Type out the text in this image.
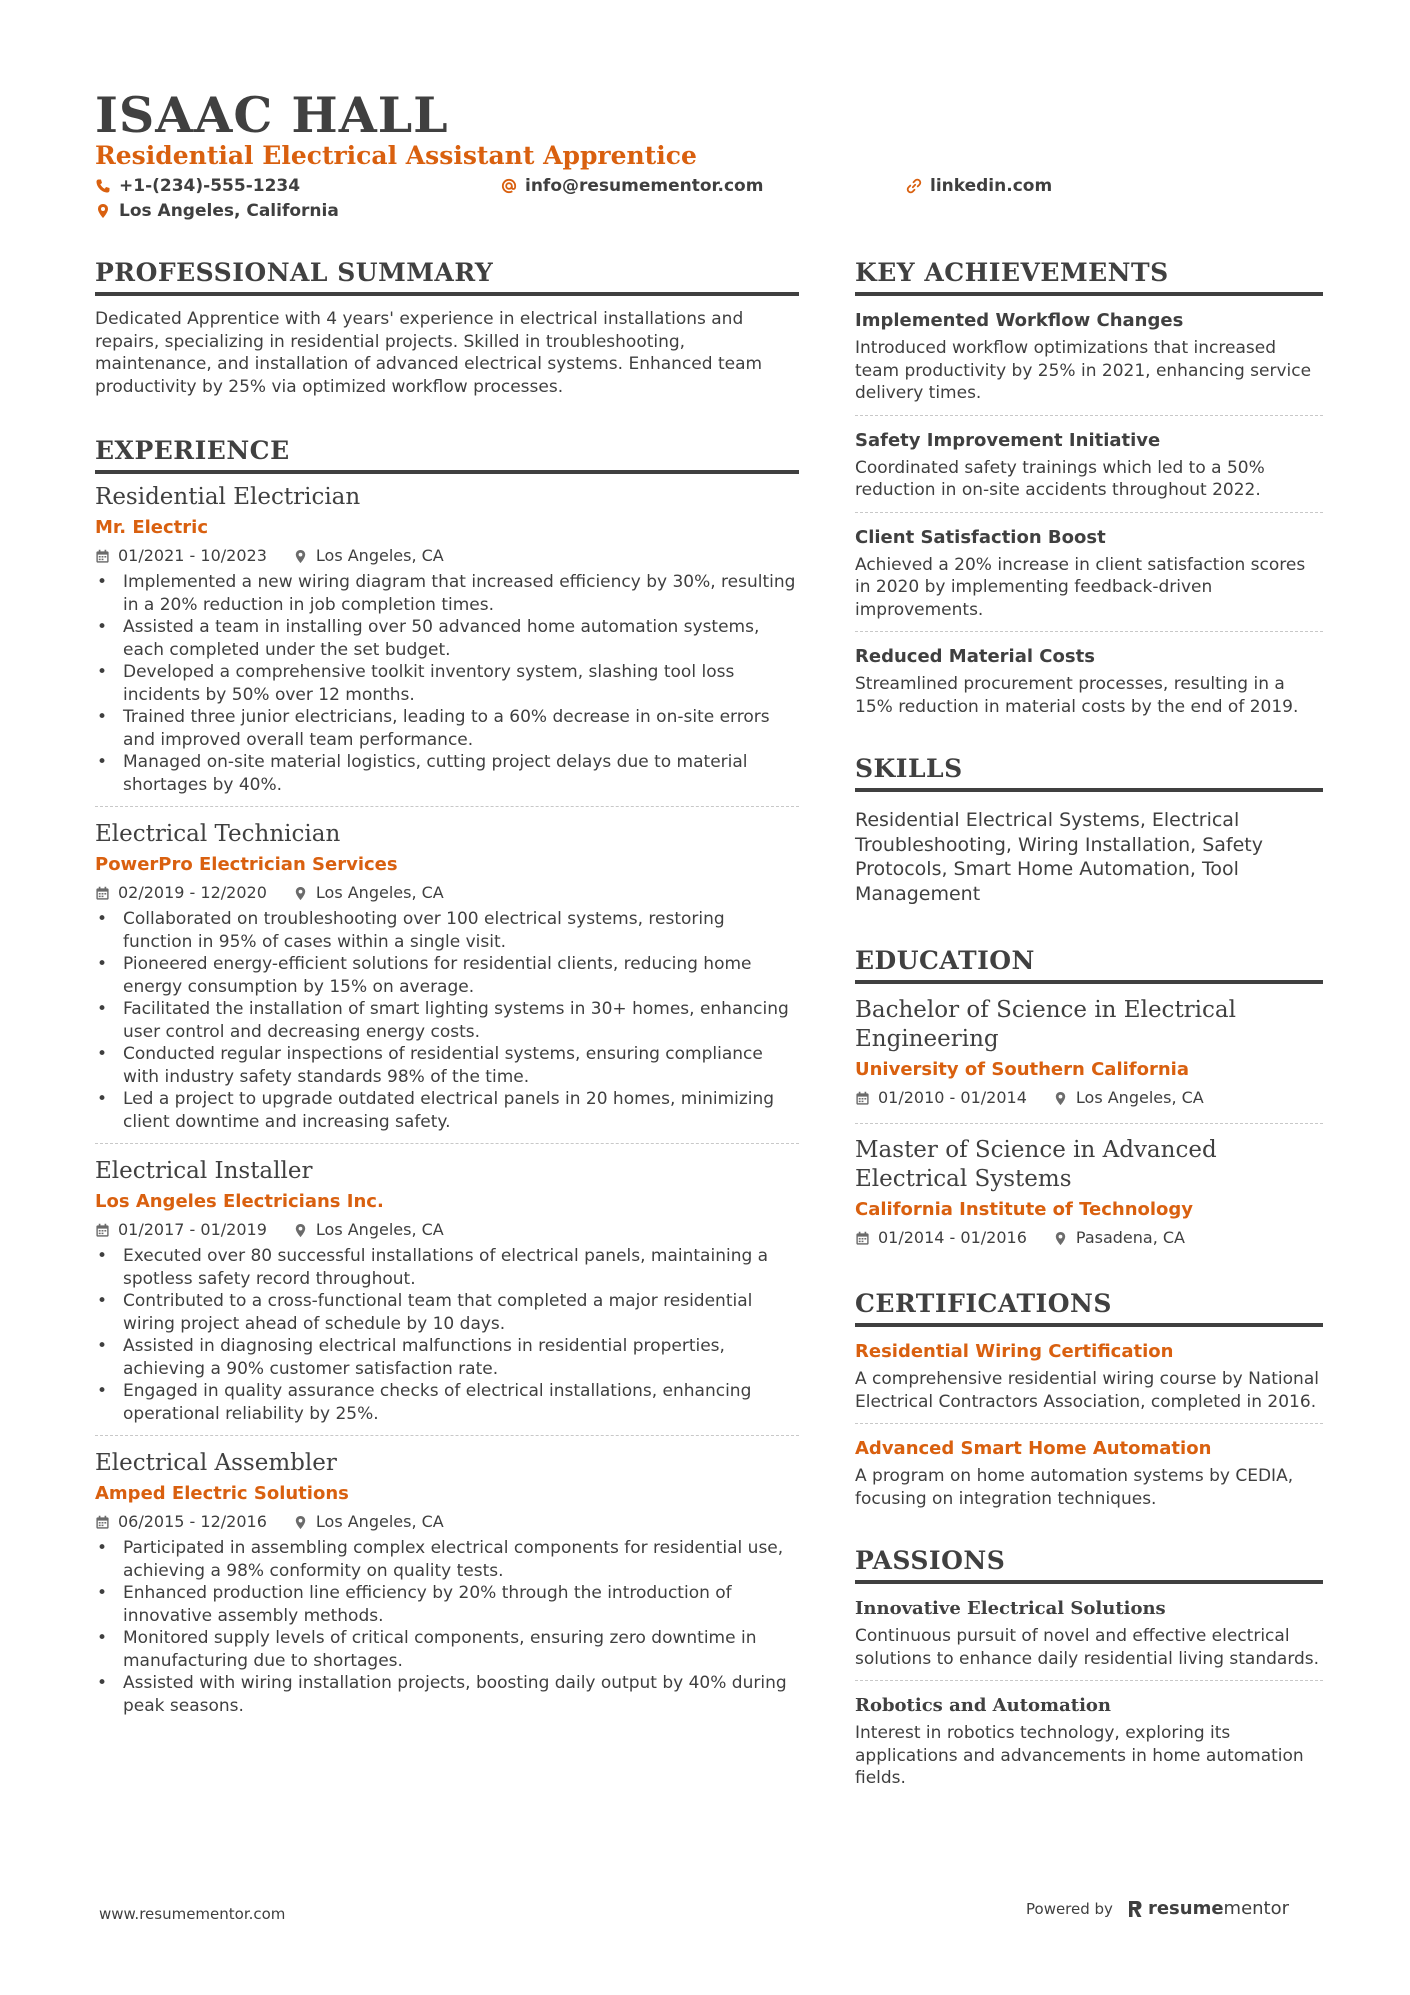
ISAAC HALL
Residential Electrical Assistant Apprentice
+1-(234)-555-1234	info@resumementor.com	linkedin.com
Los Angeles, California
PROFESSIONAL SUMMARY
Dedicated Apprentice with 4 years' experience in electrical installations and repairs, specializing in residential projects. Skilled in troubleshooting, maintenance, and installation of advanced electrical systems. Enhanced team productivity by 25% via optimized workflow processes.
EXPERIENCE
Residential Electrician
Mr. Electric
01/2021 - 10/2023	Los Angeles, CA
• Implemented a new wiring diagram that increased efficiency by 30%, resulting in a 20% reduction in job completion times.
• Assisted a team in installing over 50 advanced home automation systems, each completed under the set budget.
• Developed a comprehensive toolkit inventory system, slashing tool loss incidents by 50% over 12 months.
• Trained three junior electricians, leading to a 60% decrease in on-site errors and improved overall team performance.
• Managed on-site material logistics, cutting project delays due to material shortages by 40%.
Electrical Technician
PowerPro Electrician Services
02/2019 - 12/2020	Los Angeles, CA
• Collaborated on troubleshooting over 100 electrical systems, restoring function in 95% of cases within a single visit.
• Pioneered energy-efficient solutions for residential clients, reducing home energy consumption by 15% on average.
• Facilitated the installation of smart lighting systems in 30+ homes, enhancing user control and decreasing energy costs.
• Conducted regular inspections of residential systems, ensuring compliance with industry safety standards 98% of the time.
• Led a project to upgrade outdated electrical panels in 20 homes, minimizing client downtime and increasing safety.
Electrical Installer
Los Angeles Electricians Inc.
01/2017 - 01/2019	Los Angeles, CA
• Executed over 80 successful installations of electrical panels, maintaining a spotless safety record throughout.
• Contributed to a cross-functional team that completed a major residential wiring project ahead of schedule by 10 days.
• Assisted in diagnosing electrical malfunctions in residential properties, achieving a 90% customer satisfaction rate.
• Engaged in quality assurance checks of electrical installations, enhancing operational reliability by 25%.
Electrical Assembler
Amped Electric Solutions
06/2015 - 12/2016	Los Angeles, CA
• Participated in assembling complex electrical components for residential use, achieving a 98% conformity on quality tests.
• Enhanced production line efficiency by 20% through the introduction of innovative assembly methods.
• Monitored supply levels of critical components, ensuring zero downtime in manufacturing due to shortages.
• Assisted with wiring installation projects, boosting daily output by 40% during peak seasons.
KEY ACHIEVEMENTS
Implemented Workflow Changes
Introduced workflow optimizations that increased team productivity by 25% in 2021, enhancing service delivery times.
Safety Improvement Initiative
Coordinated safety trainings which led to a 50% reduction in on-site accidents throughout 2022.
Client Satisfaction Boost
Achieved a 20% increase in client satisfaction scores in 2020 by implementing feedback-driven improvements.
Reduced Material Costs
Streamlined procurement processes, resulting in a 15% reduction in material costs by the end of 2019.
SKILLS
Residential Electrical Systems, Electrical Troubleshooting, Wiring Installation, Safety Protocols, Smart Home Automation, Tool Management
EDUCATION
Bachelor of Science in Electrical Engineering
University of Southern California
01/2010 - 01/2014	Los Angeles, CA
Master of Science in Advanced Electrical Systems
California Institute of Technology
01/2014 - 01/2016	Pasadena, CA
CERTIFICATIONS
Residential Wiring Certification
A comprehensive residential wiring course by National Electrical Contractors Association, completed in 2016.
Advanced Smart Home Automation
A program on home automation systems by CEDIA, focusing on integration techniques.
PASSIONS
Innovative Electrical Solutions
Continuous pursuit of novel and effective electrical solutions to enhance daily residential living standards.
Robotics and Automation
Interest in robotics technology, exploring its applications and advancements in home automation fields.
www.resumementor.com	Powered by resume mentor
